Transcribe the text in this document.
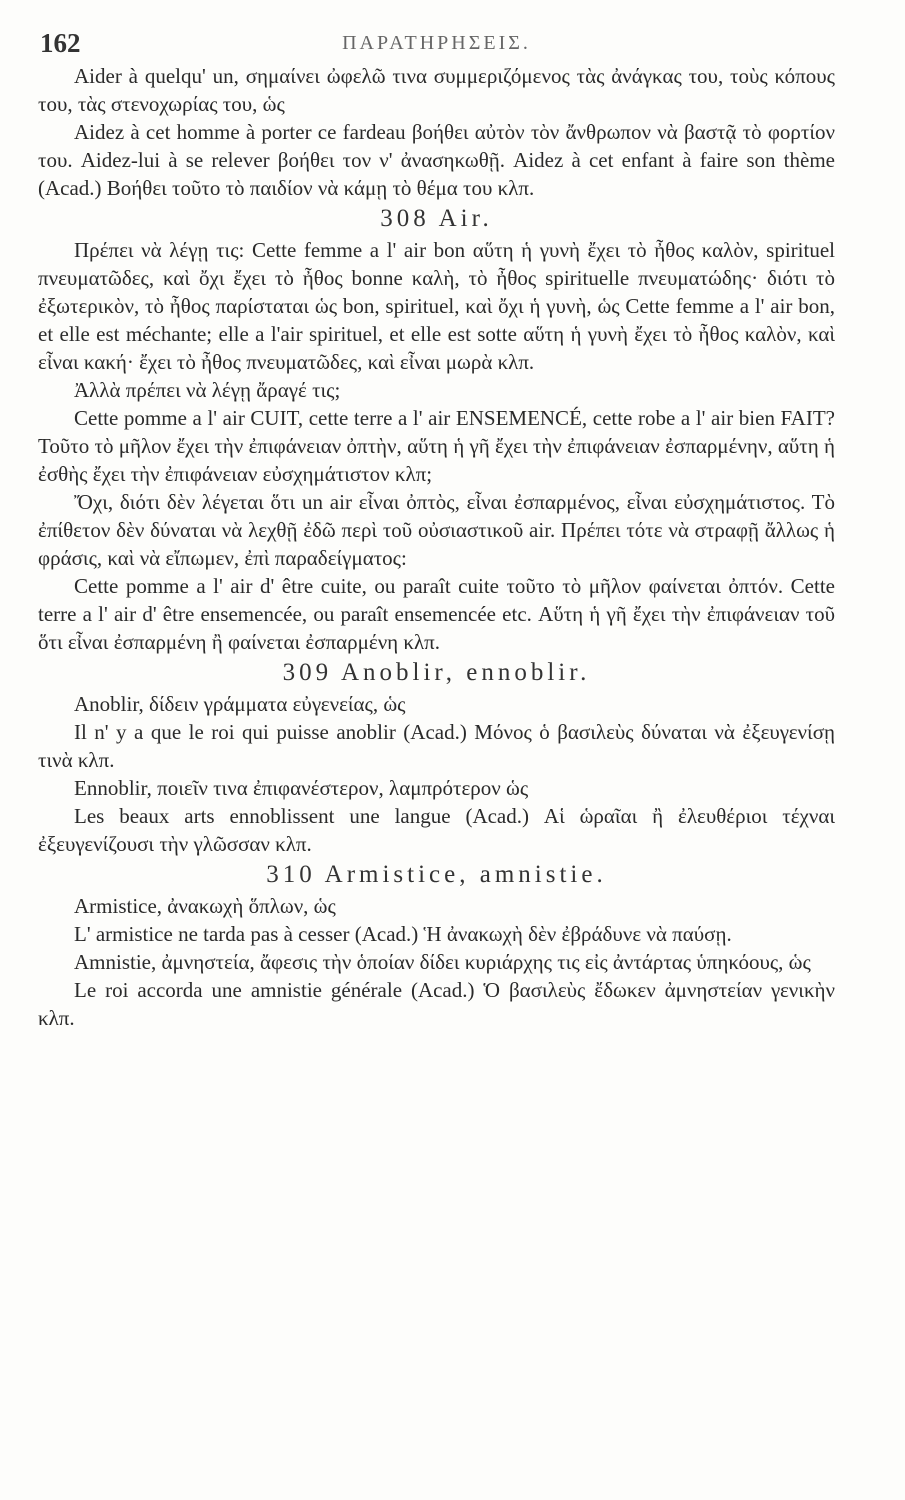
162	ΠΑΡΑΤΗΡΗΣΕΙΣ.

Aider à quelqu' un, σημαίνει ὠφελῶ τινα συμμεριζόμενος τὰς ἀνάγκας του, τοὺς κόπους του, τὰς στενοχωρίας του, ὡς

Aidez à cet homme à porter ce fardeau βοήθει αὐτὸν τὸν ἄνθρωπον νὰ βαστᾷ τὸ φορτίον του. Aidez-lui à se relever βοήθει τον ν' ἀνασηκωθῇ. Aidez à cet enfant à faire son thème (Acad.) Βοήθει τοῦτο τὸ παιδίον νὰ κάμῃ τὸ θέμα του κλπ.

308 Air.

Πρέπει νὰ λέγῃ τις: Cette femme a l' air bon αὕτη ἡ γυνὴ ἔχει τὸ ἦθος καλὸν, spirituel πνευματῶδες, καὶ ὄχι ἔχει τὸ ἦθος bonne καλὴ, τὸ ἦθος spirituelle πνευματώδης· διότι τὸ ἐξωτερικὸν, τὸ ἦθος παρίσταται ὡς bon, spirituel, καὶ ὄχι ἡ γυνὴ, ὡς Cette femme a l' air bon, et elle est méchante; elle a l'air spirituel, et elle est sotte αὕτη ἡ γυνὴ ἔχει τὸ ἦθος καλὸν, καὶ εἶναι κακή· ἔχει τὸ ἦθος πνευματῶδες, καὶ εἶναι μωρὰ κλπ.

Ἀλλὰ πρέπει νὰ λέγῃ ἄραγέ τις;

Cette pomme a l' air CUIT, cette terre a l' air ENSEMENCÉ, cette robe a l' air bien FAIT? Τοῦτο τὸ μῆλον ἔχει τὴν ἐπιφάνειαν ὀπτὴν, αὕτη ἡ γῆ ἔχει τὴν ἐπιφάνειαν ἐσπαρμένην, αὕτη ἡ ἐσθὴς ἔχει τὴν ἐπιφάνειαν εὐσχημάτιστον κλπ;

Ὄχι, διότι δὲν λέγεται ὅτι un air εἶναι ὀπτὸς, εἶναι ἐσπαρμένος, εἶναι εὐσχημάτιστος. Τὸ ἐπίθετον δὲν δύναται νὰ λεχθῇ ἐδῶ περὶ τοῦ οὐσιαστικοῦ air. Πρέπει τότε νὰ στραφῇ ἄλλως ἡ φράσις, καὶ νὰ εἴπωμεν, ἐπὶ παραδείγματος:

Cette pomme a l' air d' être cuite, ou paraît cuite τοῦτο τὸ μῆλον φαίνεται ὀπτόν. Cette terre a l' air d' être ensemencée, ou paraît ensemencée etc. Αὕτη ἡ γῆ ἔχει τὴν ἐπιφάνειαν τοῦ ὅτι εἶναι ἐσπαρμένη ἢ φαίνεται ἐσπαρμένη κλπ.

309 Anoblir, ennoblir.

Anoblir, δίδειν γράμματα εὐγενείας, ὡς

Il n' y a que le roi qui puisse anoblir (Acad.) Μόνος ὁ βασιλεὺς δύναται νὰ ἐξευγενίσῃ τινὰ κλπ.

Ennoblir, ποιεῖν τινα ἐπιφανέστερον, λαμπρότερον ὡς

Les beaux arts ennoblissent une langue (Acad.) Αἱ ὡραῖαι ἢ ἐλευθέριοι τέχναι ἐξευγενίζουσι τὴν γλῶσσαν κλπ.

310 Armistice, amnistie.

Armistice, ἀνακωχὴ ὅπλων, ὡς

L' armistice ne tarda pas à cesser (Acad.) Ἡ ἀνακωχὴ δὲν ἐβράδυνε νὰ παύσῃ.

Amnistie, ἀμνηστεία, ἄφεσις τὴν ὁποίαν δίδει κυριάρχης τις εἰς ἀντάρτας ὑπηκόους, ὡς

Le roi accorda une amnistie générale (Acad.) Ὁ βασιλεὺς ἔδωκεν ἀμνηστείαν γενικὴν κλπ.
